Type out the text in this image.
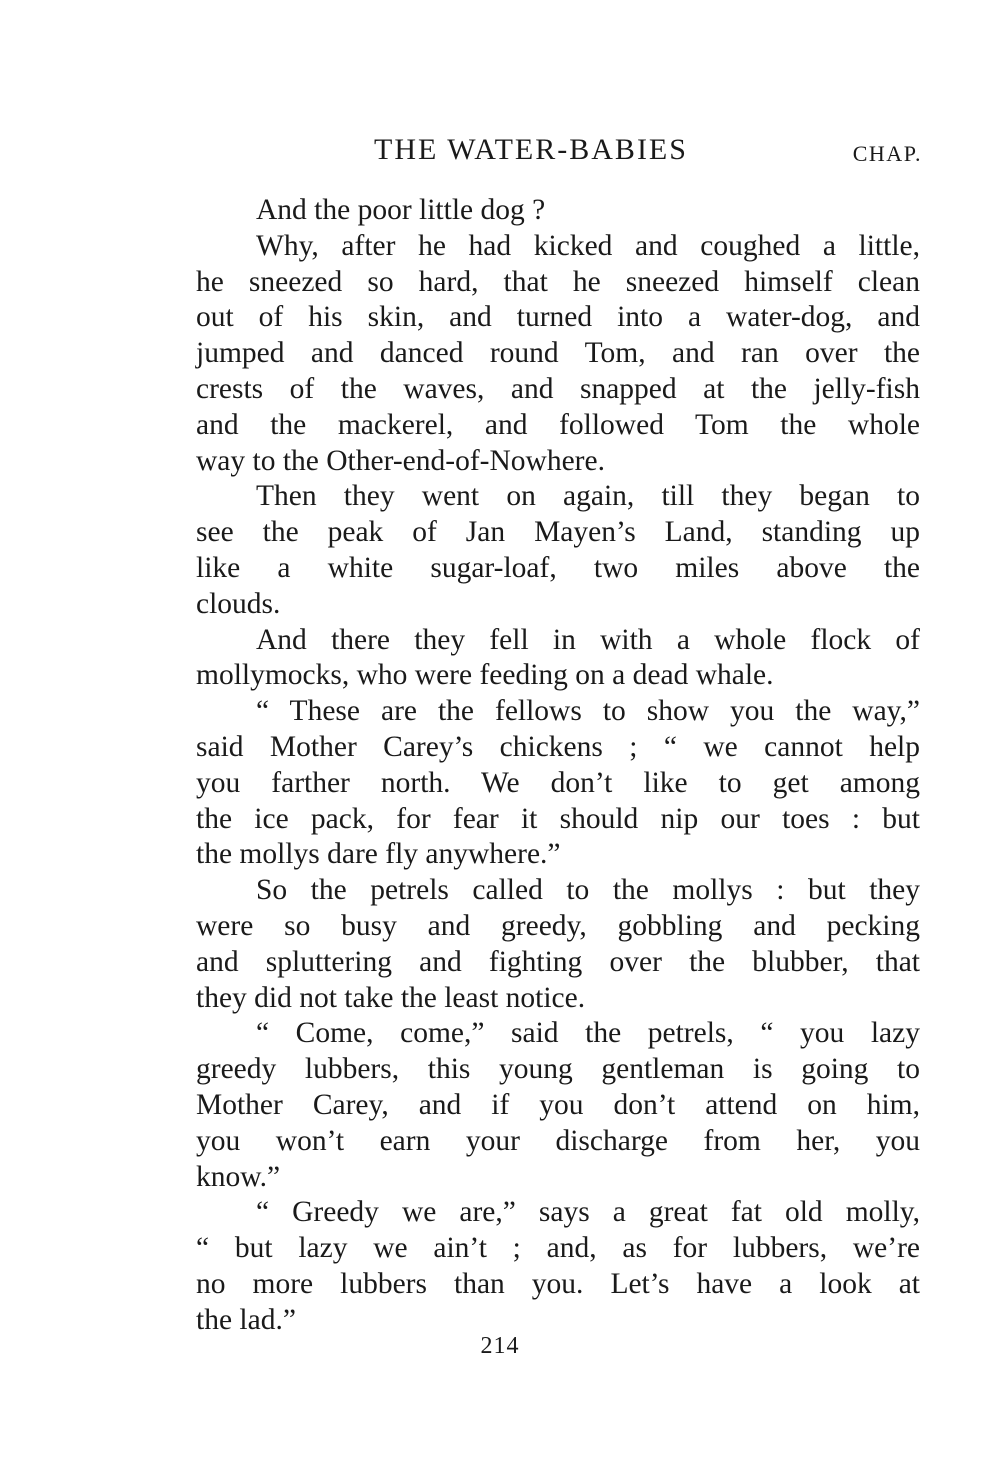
THE WATER-BABIES	CHAP.
And the poor little dog ?
Why, after he had kicked and coughed a little,
he sneezed so hard, that he sneezed himself clean
out of his skin, and turned into a water-dog, and
jumped and danced round Tom, and ran over the
crests of the waves, and snapped at the jelly-fish
and the mackerel, and followed Tom the whole
way to the Other-end-of-Nowhere.
Then they went on again, till they began to
see the peak of Jan Mayen’s Land, standing up
like a white sugar-loaf, two miles above the
clouds.
And there they fell in with a whole flock of
mollymocks, who were feeding on a dead whale.
“ These are the fellows to show you the way,”
said Mother Carey’s chickens ; “ we cannot help
you farther north. We don’t like to get among
the ice pack, for fear it should nip our toes : but
the mollys dare fly anywhere.”
So the petrels called to the mollys : but they
were so busy and greedy, gobbling and pecking
and spluttering and fighting over the blubber, that
they did not take the least notice.
“ Come, come,” said the petrels, “ you lazy
greedy lubbers, this young gentleman is going to
Mother Carey, and if you don’t attend on him,
you won’t earn your discharge from her, you
know.”
“ Greedy we are,” says a great fat old molly,
“ but lazy we ain’t ; and, as for lubbers, we’re
no more lubbers than you. Let’s have a look at
the lad.”
214
